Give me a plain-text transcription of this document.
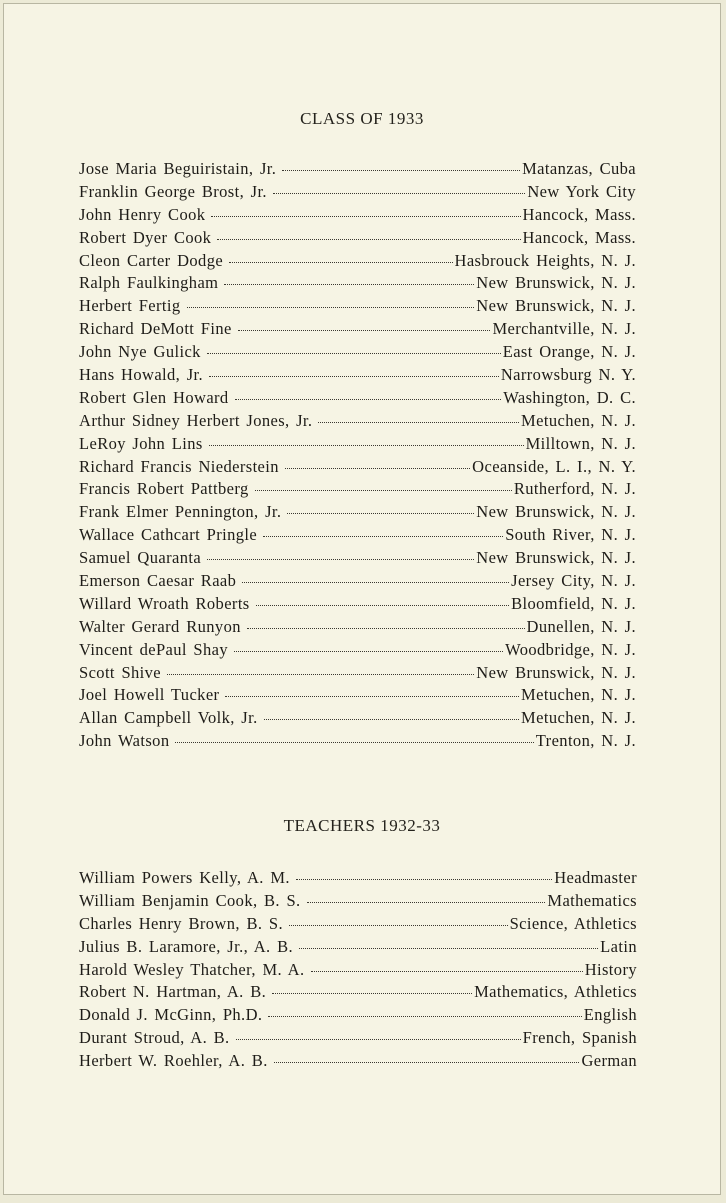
CLASS OF 1933
Jose Maria Beguiristain, Jr.	Matanzas, Cuba
Franklin George Brost, Jr.	New York City
John Henry Cook	Hancock, Mass.
Robert Dyer Cook	Hancock, Mass.
Cleon Carter Dodge	Hasbrouck Heights, N. J.
Ralph Faulkingham	New Brunswick, N. J.
Herbert Fertig	New Brunswick, N. J.
Richard DeMott Fine	Merchantville, N. J.
John Nye Gulick	East Orange, N. J.
Hans Howald, Jr.	Narrowsburg N. Y.
Robert Glen Howard	Washington, D. C.
Arthur Sidney Herbert Jones, Jr.	Metuchen, N. J.
LeRoy John Lins	Milltown, N. J.
Richard Francis Niederstein	Oceanside, L. I., N. Y.
Francis Robert Pattberg	Rutherford, N. J.
Frank Elmer Pennington, Jr.	New Brunswick, N. J.
Wallace Cathcart Pringle	South River, N. J.
Samuel Quaranta	New Brunswick, N. J.
Emerson Caesar Raab	Jersey City, N. J.
Willard Wroath Roberts	Bloomfield, N. J.
Walter Gerard Runyon	Dunellen, N. J.
Vincent dePaul Shay	Woodbridge, N. J.
Scott Shive	New Brunswick, N. J.
Joel Howell Tucker	Metuchen, N. J.
Allan Campbell Volk, Jr.	Metuchen, N. J.
John Watson	Trenton, N. J.
TEACHERS 1932-33
William Powers Kelly, A. M.	Headmaster
William Benjamin Cook, B. S.	Mathematics
Charles Henry Brown, B. S.	Science, Athletics
Julius B. Laramore, Jr., A. B.	Latin
Harold Wesley Thatcher, M. A.	History
Robert N. Hartman, A. B.	Mathematics, Athletics
Donald J. McGinn, Ph.D.	English
Durant Stroud, A. B.	French, Spanish
Herbert W. Roehler, A. B.	German
